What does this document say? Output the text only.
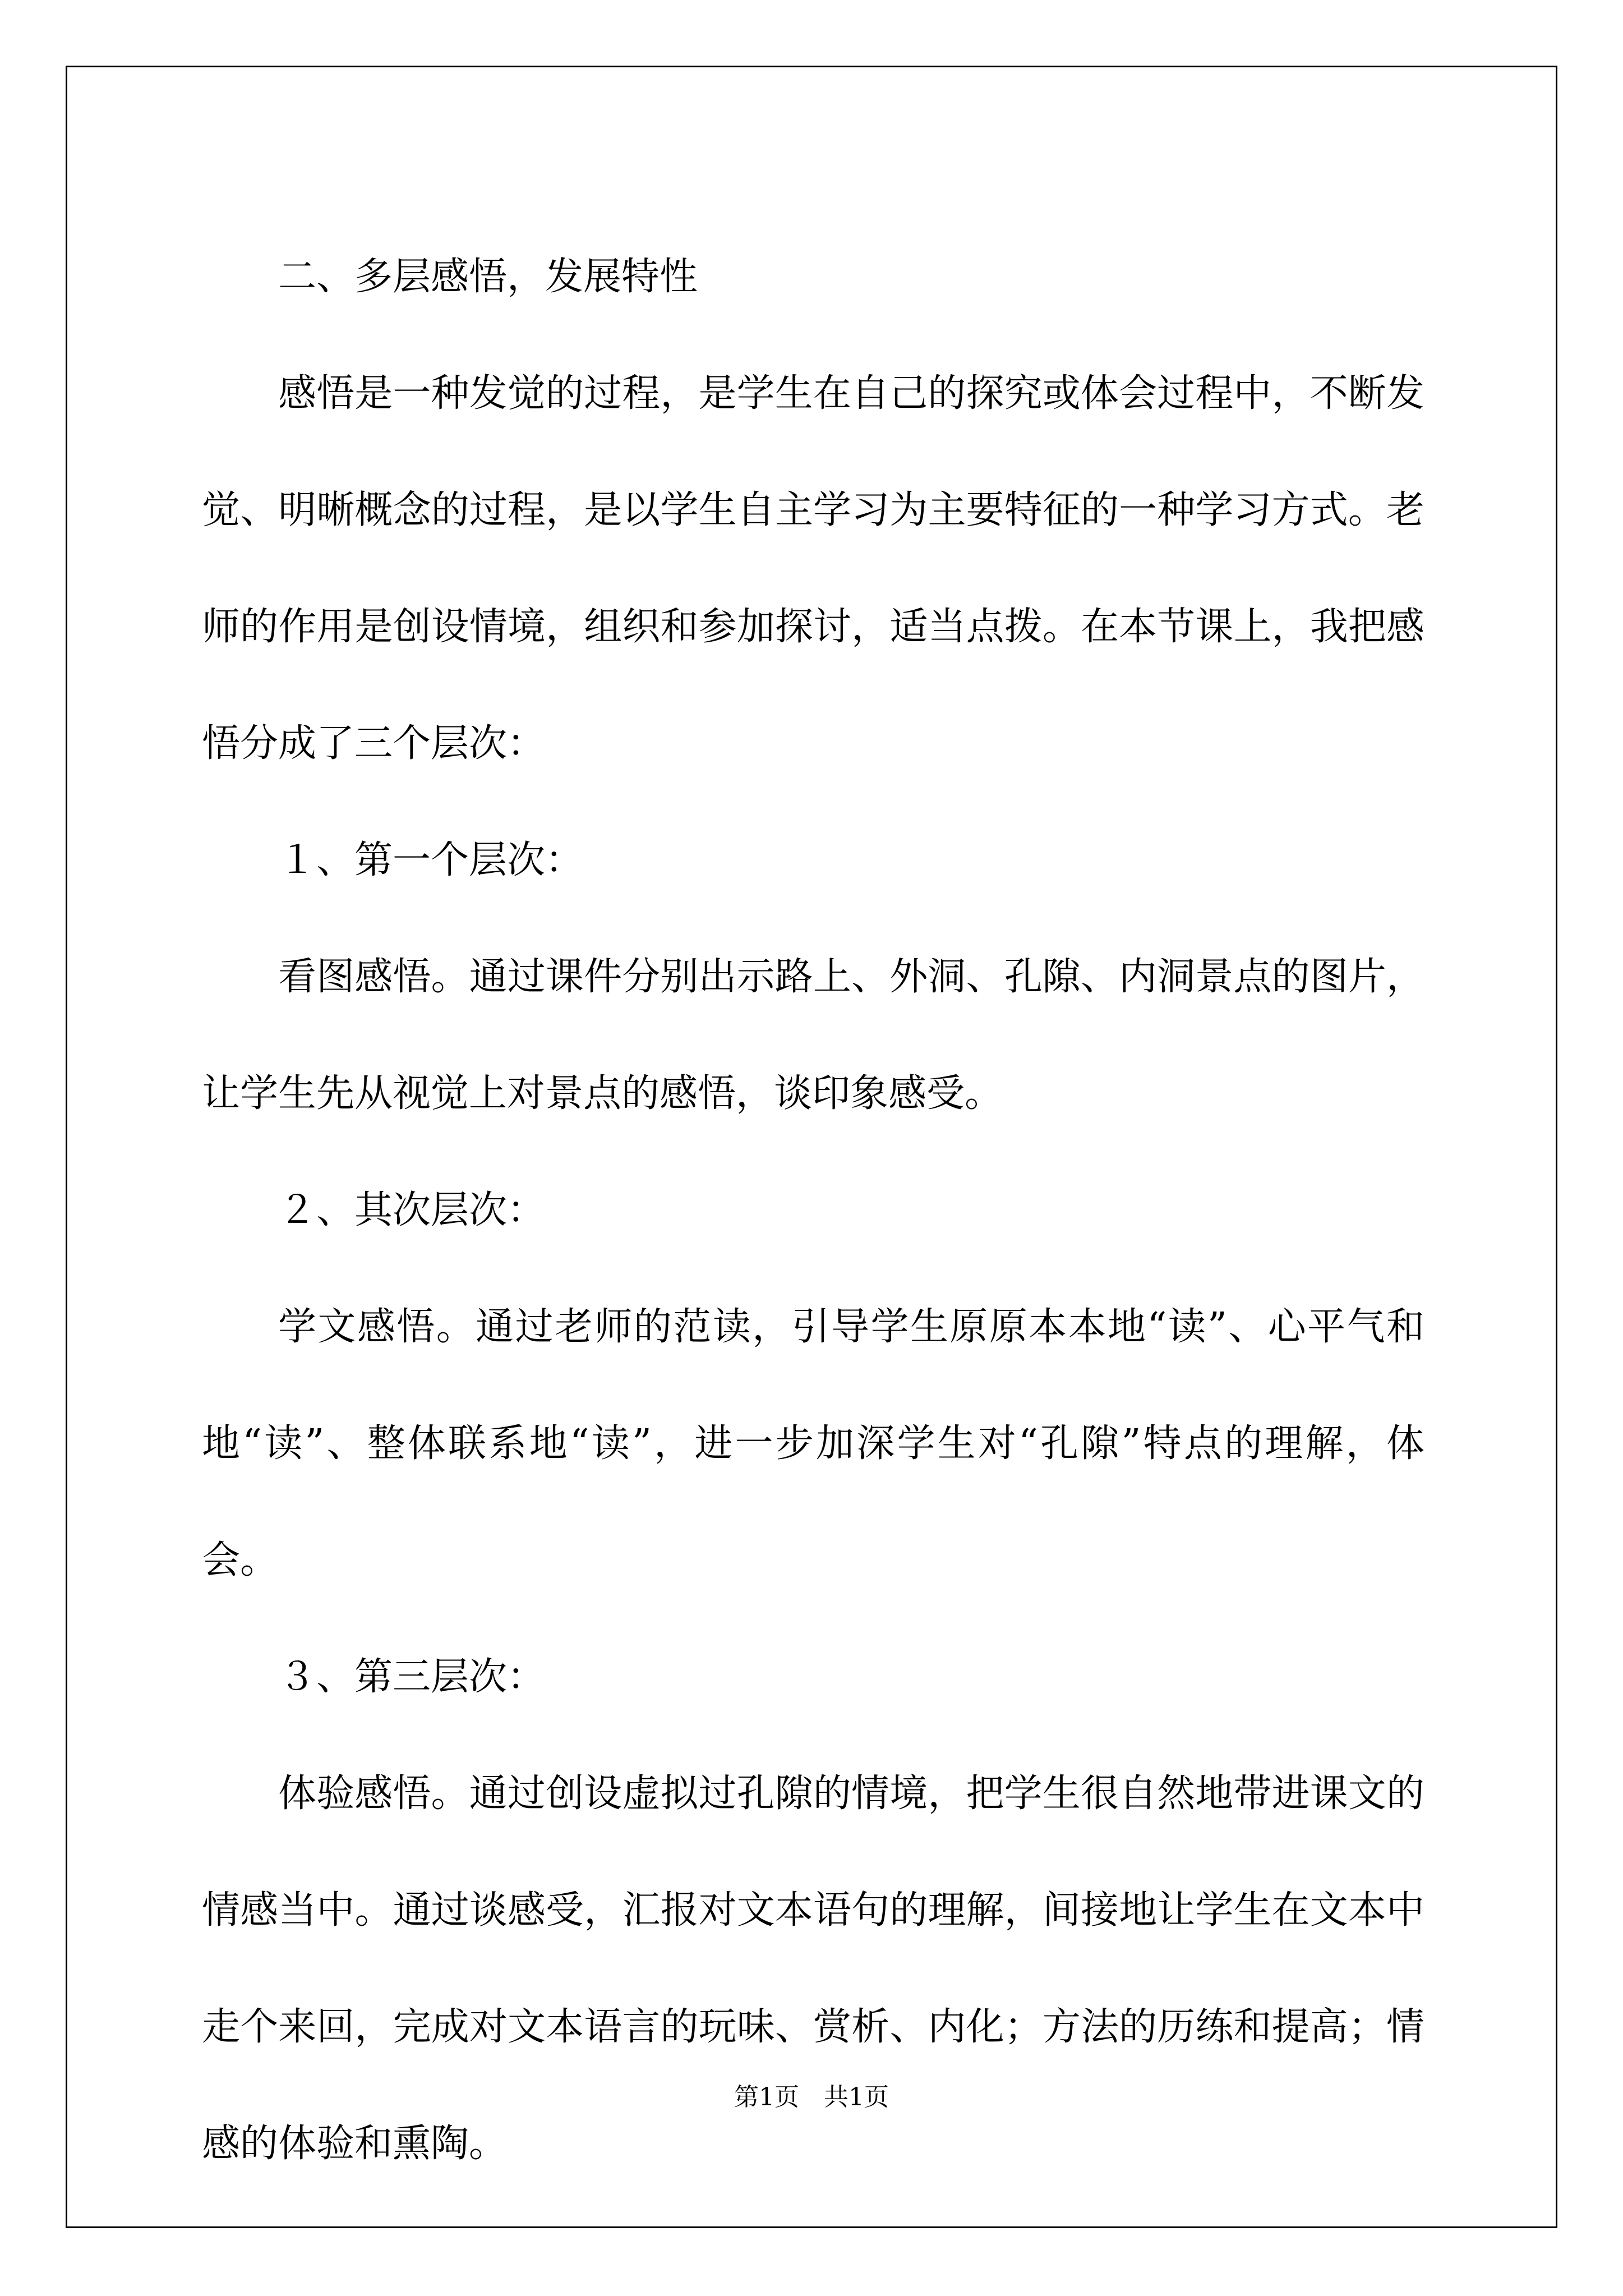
二、多层感悟，发展特性

感悟是一种发觉的过程，是学生在自己的探究或体会过程中，不断发觉、明晰概念的过程，是以学生自主学习为主要特征的一种学习方式。老师的作用是创设情境，组织和参加探讨，适当点拨。在本节课上，我把感悟分成了三个层次：

１、第一个层次：

看图感悟。通过课件分别出示路上、外洞、孔隙、内洞景点的图片，让学生先从视觉上对景点的感悟，谈印象感受。

２、其次层次：

学文感悟。通过老师的范读，引导学生原原本本地“读”、心平气和地“读”、整体联系地“读”，进一步加深学生对“孔隙”特点的理解，体会。

３、第三层次：

体验感悟。通过创设虚拟过孔隙的情境，把学生很自然地带进课文的情感当中。通过谈感受，汇报对文本语句的理解，间接地让学生在文本中走个来回，完成对文本语言的玩味、赏析、内化；方法的历练和提高；情感的体验和熏陶。

第1页　共1页
